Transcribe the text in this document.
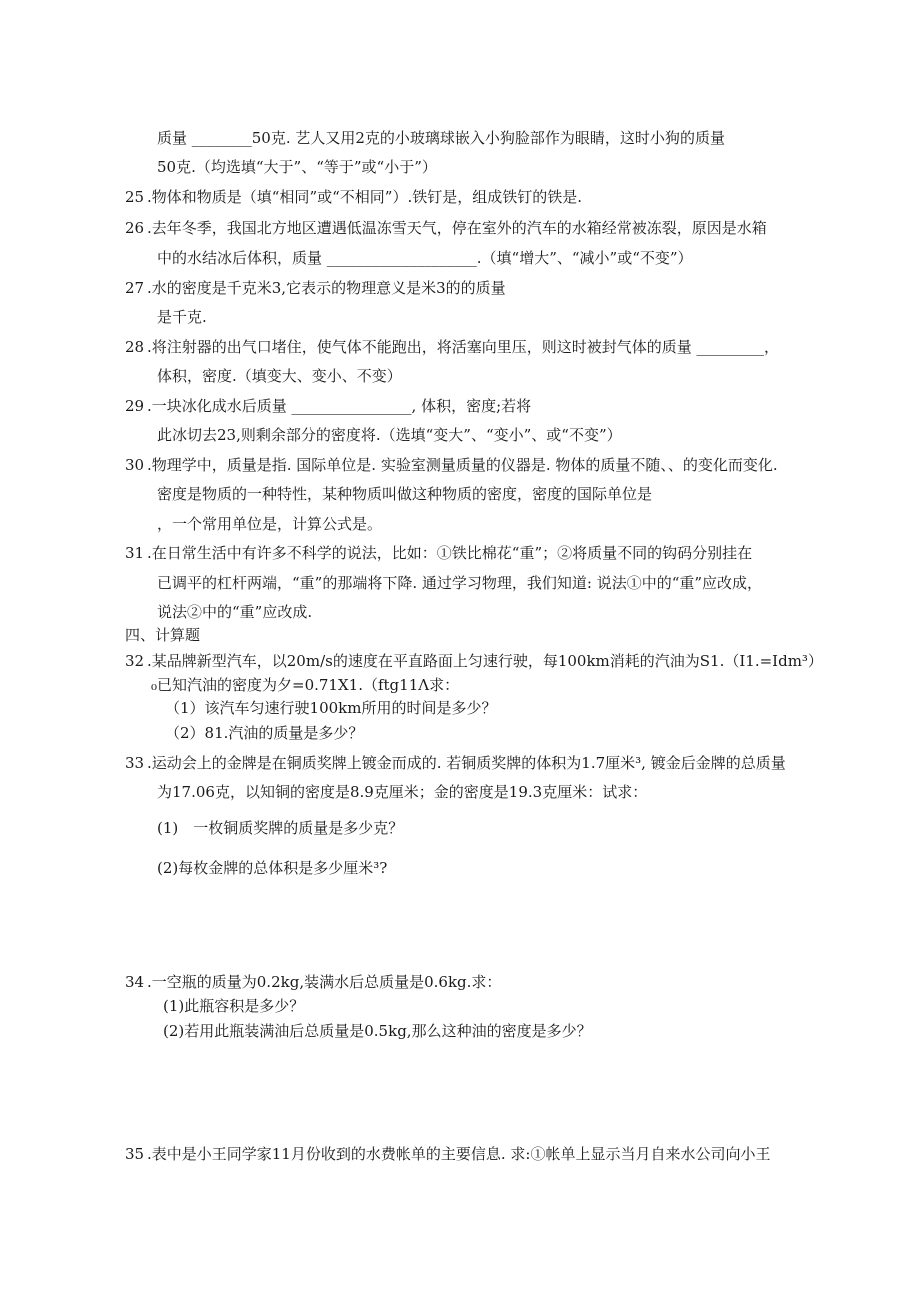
质量 ________50克. 艺人又用2克的小玻璃球嵌入小狗脸部作为眼睛，这时小狗的质量
50克.（均选填“大于”、“等于”或“小于”）
25 .物体和物质是（填“相同”或“不相同”）.铁钉是，组成铁钉的铁是.
26 .去年冬季，我国北方地区遭遇低温冻雪天气，停在室外的汽车的水箱经常被冻裂，原因是水箱
中的水结冰后体积，质量 ____________________.（填“增大”、“减小”或“不变”）
27 .水的密度是千克米3,它表示的物理意义是米3的的质量
是千克.
28 .将注射器的出气口堵住，使气体不能跑出，将活塞向里压，则这时被封气体的质量 _________，
体积，密度.（填变大、变小、不变）
29 .一块冰化成水后质量 ________________, 体积，密度;若将
此冰切去23,则剩余部分的密度将.（选填“变大”、“变小”、或“不变”）
30 .物理学中，质量是指. 国际单位是. 实验室测量质量的仪器是. 物体的质量不随、、的变化而变化.
密度是物质的一种特性，某种物质叫做这种物质的密度，密度的国际单位是
，一个常用单位是，计算公式是。
31 .在日常生活中有许多不科学的说法，比如：①铁比棉花“重”；②将质量不同的钩码分别挂在
已调平的杠杆两端，“重”的那端将下降. 通过学习物理，我们知道: 说法①中的“重”应改成，
说法②中的“重”应改成.
四、计算题
32 .某品牌新型汽车，以20m/s的速度在平直路面上匀速行驶，每100km消耗的汽油为S1.（I1.=Idm³）
₀已知汽油的密度为夕=0.71X1.（ftg11Λ求：
（1）该汽车匀速行驶100km所用的时间是多少？
（2）81.汽油的质量是多少？
33 .运动会上的金牌是在铜质奖牌上镀金而成的. 若铜质奖牌的体积为1.7厘米³, 镀金后金牌的总质量
为17.06克，以知铜的密度是8.9克厘米；金的密度是19.3克厘米：试求：
(1)　一枚铜质奖牌的质量是多少克？
(2)每枚金牌的总体积是多少厘米³?
34 .一空瓶的质量为0.2kg,装满水后总质量是0.6kg.求：
(1)此瓶容积是多少？
(2)若用此瓶装满油后总质量是0.5kg,那么这种油的密度是多少？
35 .表中是小王同学家11月份收到的水费帐单的主要信息. 求:①帐单上显示当月自来水公司向小王
